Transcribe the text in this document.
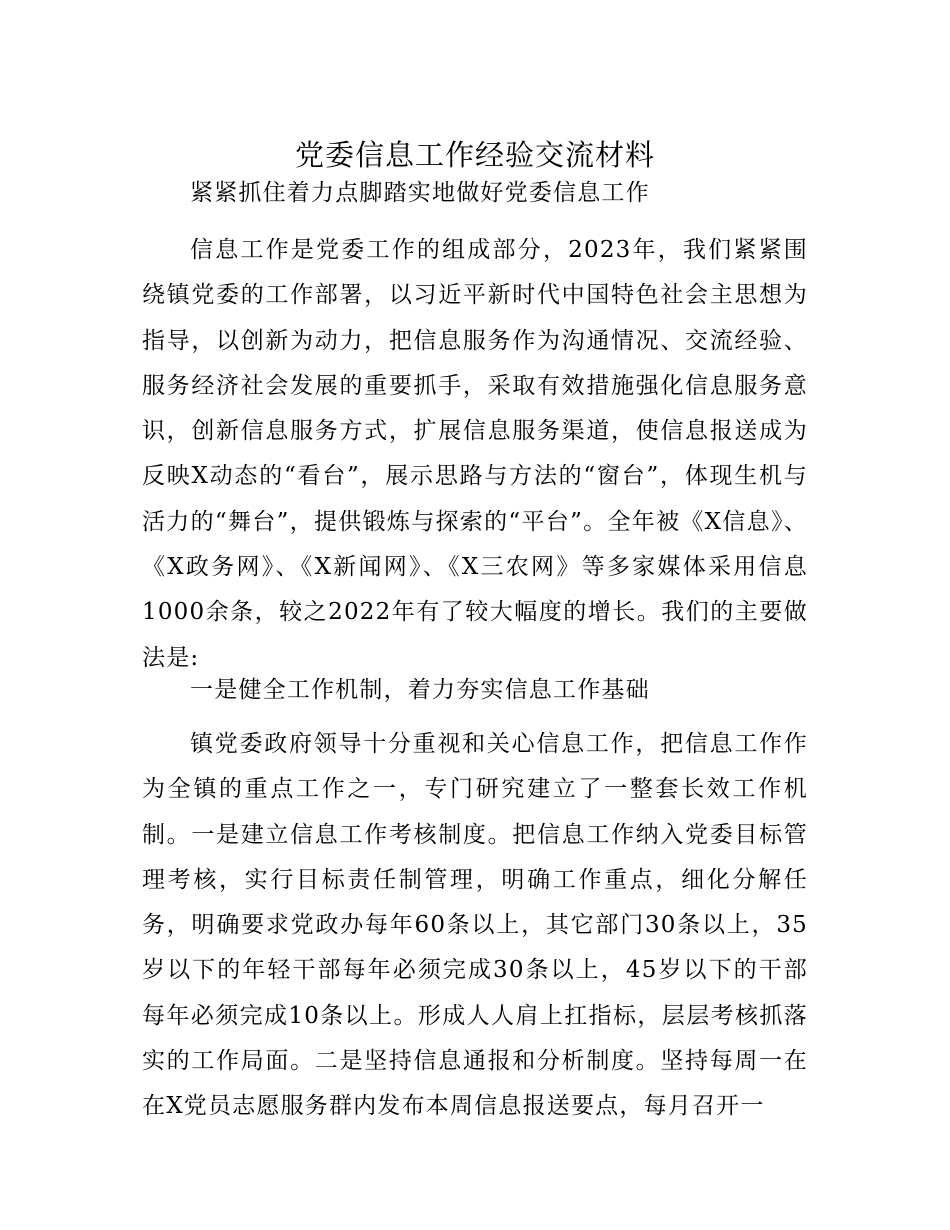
党委信息工作经验交流材料

紧紧抓住着力点脚踏实地做好党委信息工作

信息工作是党委工作的组成部分，2023年，我们紧紧围绕镇党委的工作部署，以习近平新时代中国特色社会主思想为指导，以创新为动力，把信息服务作为沟通情况、交流经验、服务经济社会发展的重要抓手，采取有效措施强化信息服务意识，创新信息服务方式，扩展信息服务渠道，使信息报送成为反映X动态的“看台”，展示思路与方法的“窗台”，体现生机与活力的“舞台”，提供锻炼与探索的“平台”。全年被《X信息》、《X政务网》、《X新闻网》、《X三农网》等多家媒体采用信息1000余条，较之2022年有了较大幅度的增长。我们的主要做法是:

一是健全工作机制，着力夯实信息工作基础

镇党委政府领导十分重视和关心信息工作，把信息工作作为全镇的重点工作之一，专门研究建立了一整套长效工作机制。一是建立信息工作考核制度。把信息工作纳入党委目标管理考核，实行目标责任制管理，明确工作重点，细化分解任务，明确要求党政办每年60条以上，其它部门30条以上，35岁以下的年轻干部每年必须完成30条以上，45岁以下的干部每年必须完成10条以上。形成人人肩上扛指标，层层考核抓落实的工作局面。二是坚持信息通报和分析制度。坚持每周一在在X党员志愿服务群内发布本周信息报送要点，每月召开一
